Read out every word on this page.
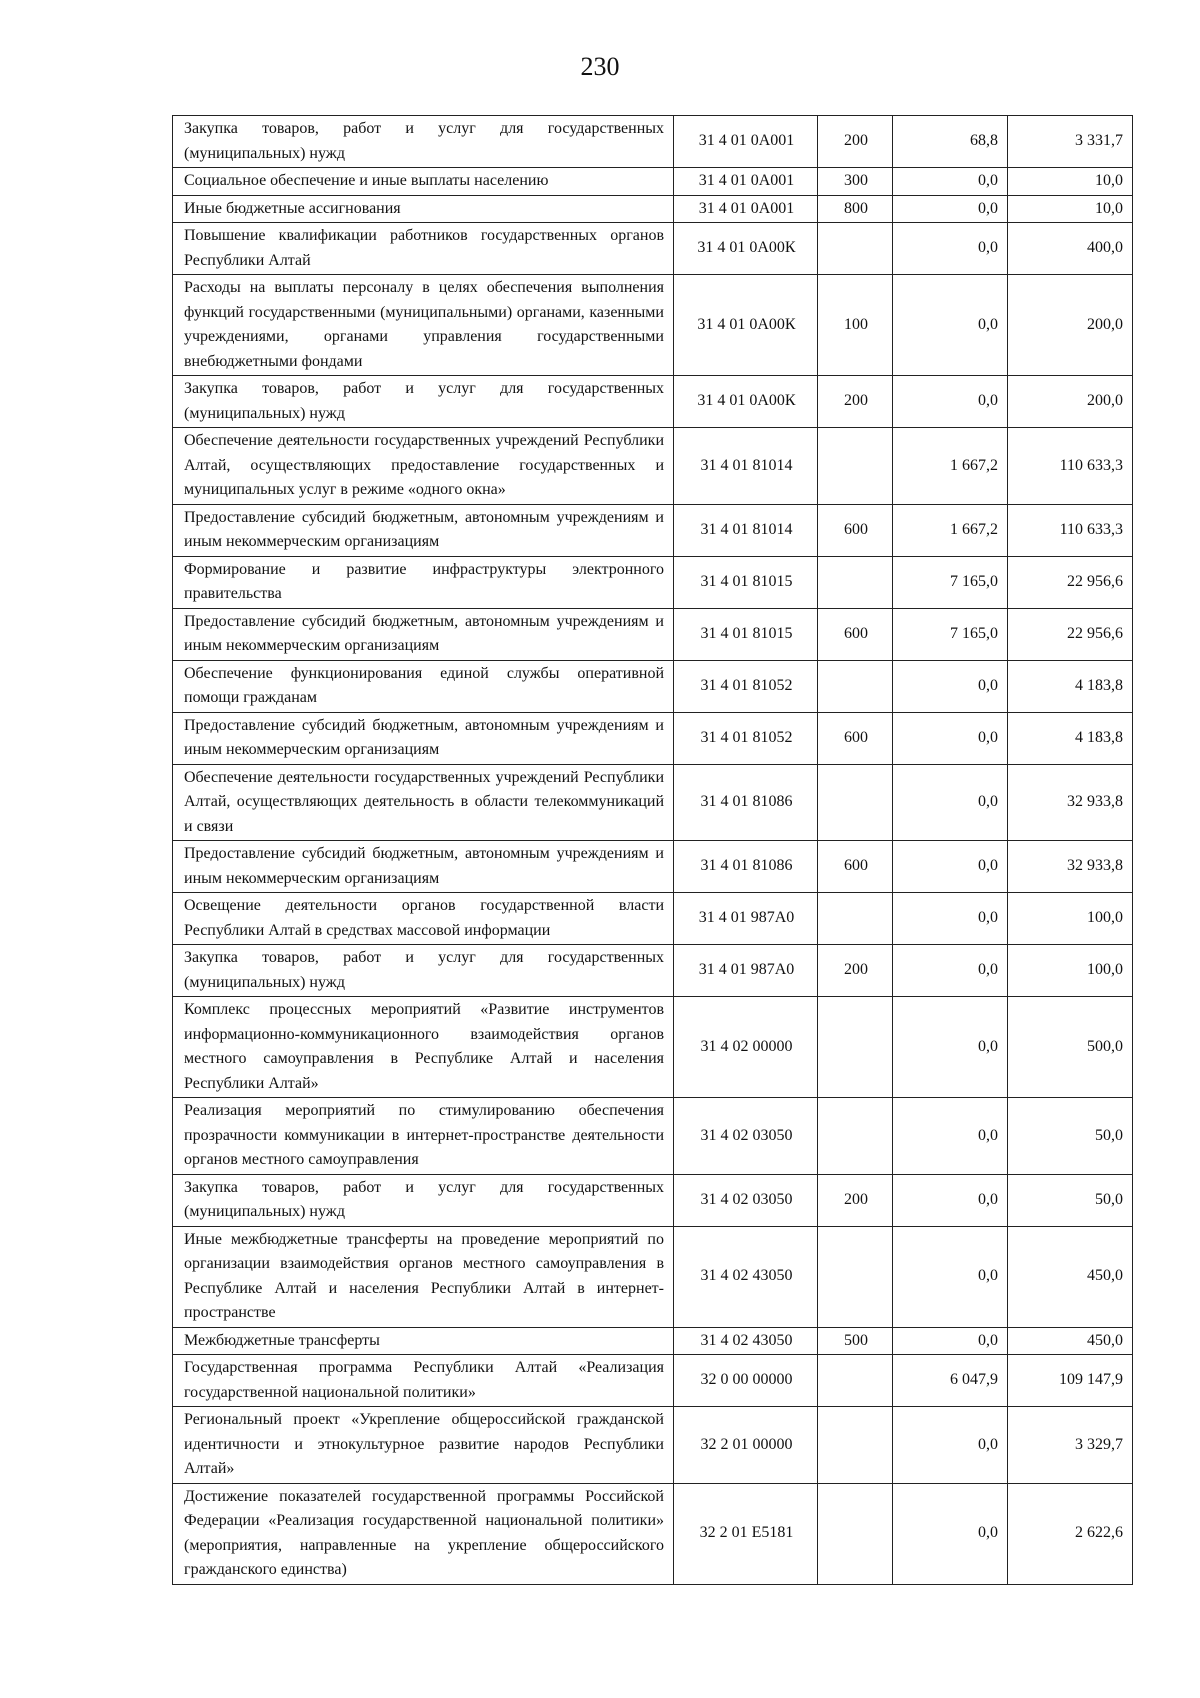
230
Закупка товаров, работ и услуг для государственных (муниципальных) нужд	31 4 01 0А001	200	68,8	3 331,7
Социальное обеспечение и иные выплаты населению	31 4 01 0А001	300	0,0	10,0
Иные бюджетные ассигнования	31 4 01 0А001	800	0,0	10,0
Повышение квалификации работников государственных органов Республики Алтай	31 4 01 0А00К		0,0	400,0
Расходы на выплаты персоналу в целях обеспечения выполнения функций государственными (муниципальными) органами, казенными учреждениями, органами управления государственными внебюджетными фондами	31 4 01 0А00К	100	0,0	200,0
Закупка товаров, работ и услуг для государственных (муниципальных) нужд	31 4 01 0А00К	200	0,0	200,0
Обеспечение деятельности государственных учреждений Республики Алтай, осуществляющих предоставление государственных и муниципальных услуг в режиме «одного окна»	31 4 01 81014		1 667,2	110 633,3
Предоставление субсидий бюджетным, автономным учреждениям и иным некоммерческим организациям	31 4 01 81014	600	1 667,2	110 633,3
Формирование и развитие инфраструктуры электронного правительства	31 4 01 81015		7 165,0	22 956,6
Предоставление субсидий бюджетным, автономным учреждениям и иным некоммерческим организациям	31 4 01 81015	600	7 165,0	22 956,6
Обеспечение функционирования единой службы оперативной помощи гражданам	31 4 01 81052		0,0	4 183,8
Предоставление субсидий бюджетным, автономным учреждениям и иным некоммерческим организациям	31 4 01 81052	600	0,0	4 183,8
Обеспечение деятельности государственных учреждений Республики Алтай, осуществляющих деятельность в области телекоммуникаций и связи	31 4 01 81086		0,0	32 933,8
Предоставление субсидий бюджетным, автономным учреждениям и иным некоммерческим организациям	31 4 01 81086	600	0,0	32 933,8
Освещение деятельности органов государственной власти Республики Алтай в средствах массовой информации	31 4 01 987А0		0,0	100,0
Закупка товаров, работ и услуг для государственных (муниципальных) нужд	31 4 01 987А0	200	0,0	100,0
Комплекс процессных мероприятий «Развитие инструментов информационно-коммуникационного взаимодействия органов местного самоуправления в Республике Алтай и населения Республики Алтай»	31 4 02 00000		0,0	500,0
Реализация мероприятий по стимулированию обеспечения прозрачности коммуникации в интернет-пространстве деятельности органов местного самоуправления	31 4 02 03050		0,0	50,0
Закупка товаров, работ и услуг для государственных (муниципальных) нужд	31 4 02 03050	200	0,0	50,0
Иные межбюджетные трансферты на проведение мероприятий по организации взаимодействия органов местного самоуправления в Республике Алтай и населения Республики Алтай в интернет-пространстве	31 4 02 43050		0,0	450,0
Межбюджетные трансферты	31 4 02 43050	500	0,0	450,0
Государственная программа Республики Алтай «Реализация государственной национальной политики»	32 0 00 00000		6 047,9	109 147,9
Региональный проект «Укрепление общероссийской гражданской идентичности и этнокультурное развитие народов Республики Алтай»	32 2 01 00000		0,0	3 329,7
Достижение показателей государственной программы Российской Федерации «Реализация государственной национальной политики» (мероприятия, направленные на укрепление общероссийского гражданского единства)	32 2 01 Е5181		0,0	2 622,6
